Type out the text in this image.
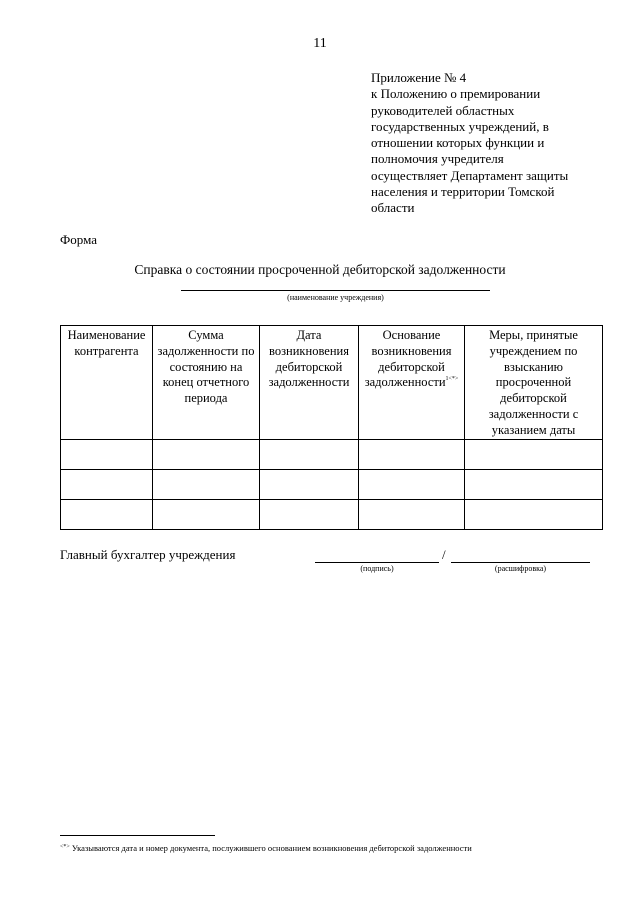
11
Приложение № 4
к Положению о премировании
руководителей областных
государственных учреждений, в
отношении которых функции и
полномочия учредителя
осуществляет Департамент защиты
населения и территории Томской
области
Форма
Справка о состоянии просроченной дебиторской задолженности
(наименование учреждения)
Наименование контрагента	Сумма задолженности по состоянию на конец отчетного периода	Дата возникновения дебиторской задолженности	Основание возникновения дебиторской задолженности$^{1<*>}$	Меры, принятые учреждением по взысканию просроченной дебиторской задолженности с указанием даты

Главный бухгалтер учреждения	/
(подпись)	(расшифровка)
<*> Указываются дата и номер документа, послужившего основанием возникновения дебиторской задолженности
